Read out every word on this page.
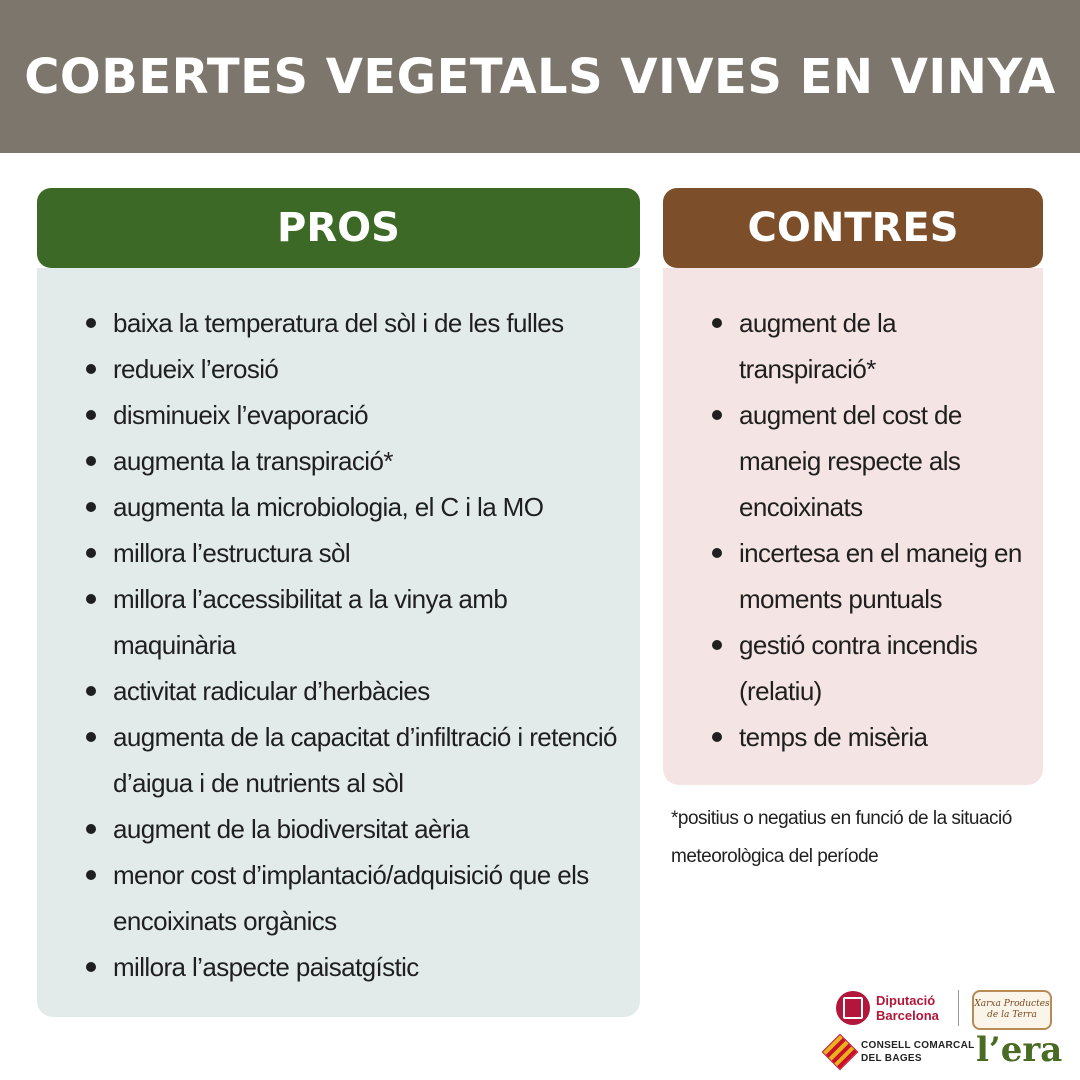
COBERTES VEGETALS VIVES EN VINYA
PROS
baixa la temperatura del sòl i de les fulles
redueix l’erosió
disminueix l’evaporació
augmenta la transpiració*
augmenta la microbiologia, el C i la MO
millora l’estructura sòl
millora l’accessibilitat a la vinya amb maquinària
activitat radicular d’herbàcies
augmenta de la capacitat d’infiltració i retenció d’aigua i de nutrients al sòl
augment de la biodiversitat aèria
menor cost d’implantació/adquisició que els encoixinats orgànics
millora l’aspecte paisatgístic
CONTRES
augment de la transpiració*
augment del cost de maneig respecte als encoixinats
incertesa en el maneig en moments puntuals
gestió contra incendis (relatiu)
temps de misèria
*positius o negatius en funció de la situació meteorològica del període
Diputació
Barcelona
Xarxa Productes de la Terra
CONSELL COMARCAL
DEL BAGES	l’era
